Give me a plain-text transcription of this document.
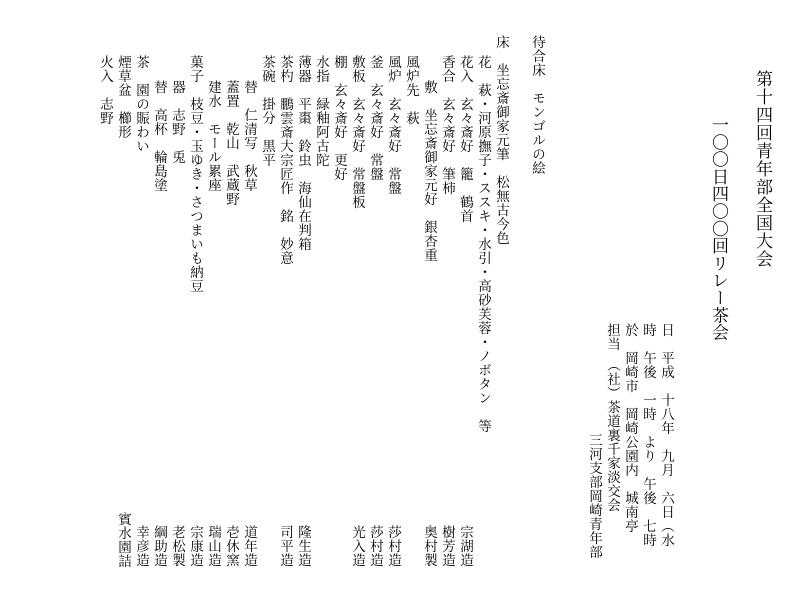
第十四回青年部全国大会
一〇〇日四〇〇回リレー茶会
日　平成　十八年　九月　六日（水
時　午後　一時　より　午後　七時
於　岡崎市　岡崎公園内　城南亭
担当　（社）茶道裏千家淡交会
三河支部岡崎青年部
待合床　モンゴルの絵
床　坐忘斎御家元筆　松無古今色
花　萩・河原撫子・ススキ・水引・高砂芙蓉・ノボタン　等
花入　玄々斎好　籠　鶴首
香合　玄々斎好　筆柿
敷　坐忘斎御家元好　銀杏重
風炉先　萩
風炉　玄々斎好　常盤
釜　玄々斎好　常盤
敷板　玄々斎好　常盤板
棚　玄々斎好　更好
水指　緑釉阿古陀
薄器　平棗　鈴虫　海仙在判箱
茶杓　鵬雲斎大宗匠作　銘　妙意
茶碗　掛分　黒平
替　仁清写　秋草
蓋置　乾山　武蔵野
建水　モール累座
菓子　枝豆・玉ゆき・さつまいも納豆
器　志野　兎
替　高杯　輪島塗
茶　園の賑わい
煙草盆　櫛形
火入　志野
宗湖造
樹芳造
奥村製
莎村造
莎村造
光入造
隆生造
司平造
道年造
壱休窯
瑞山造
宗康造
老松製
綱助造
幸彦造
賓水園詰
